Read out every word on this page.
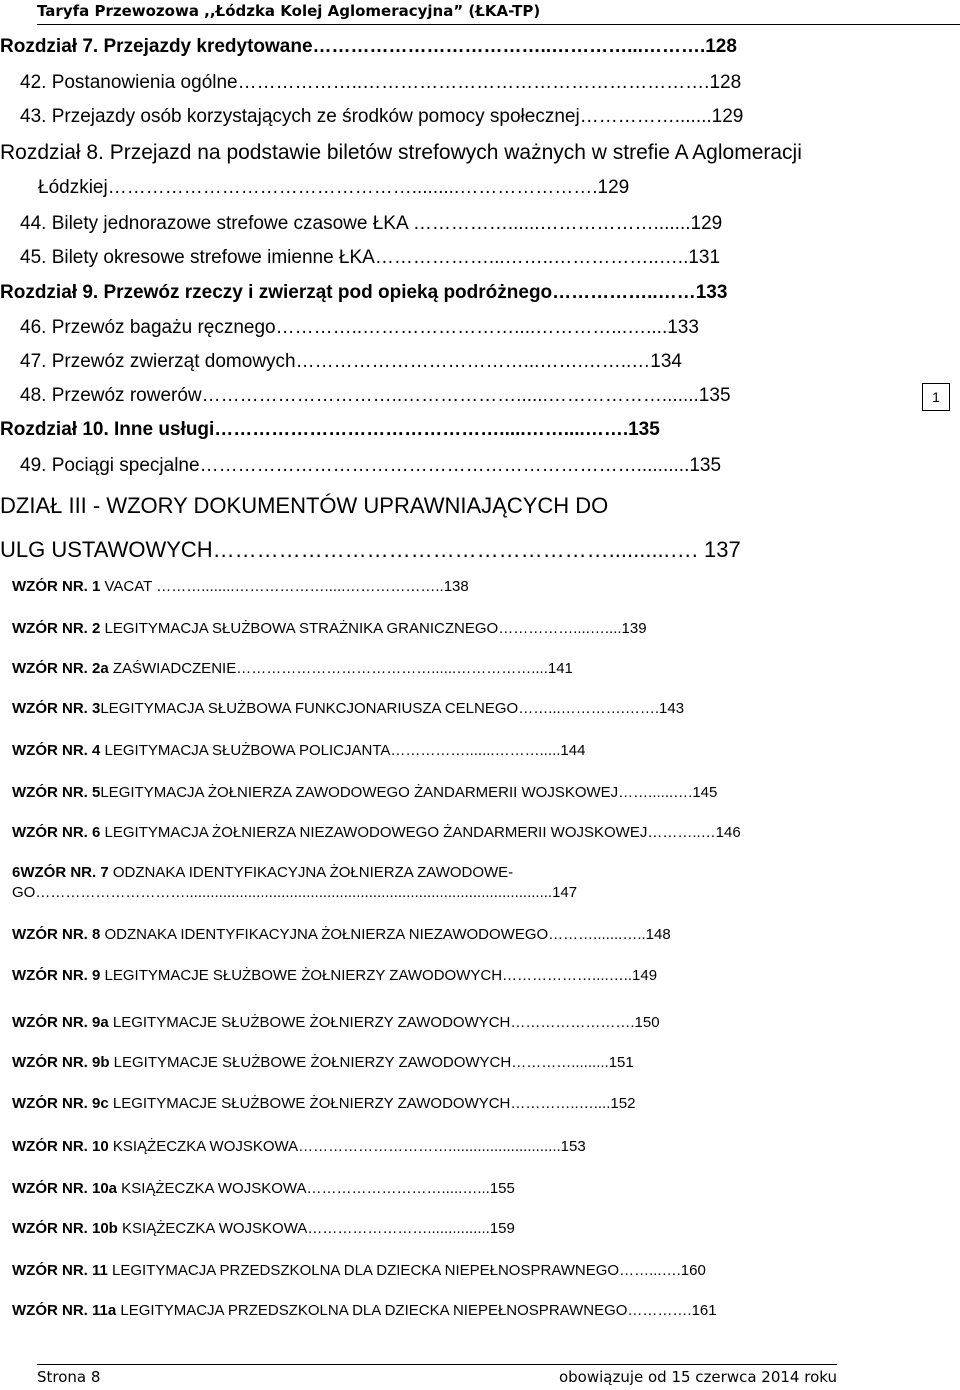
Taryfa Przewozowa ,,Łódzka Kolej Aglomeracyjna” (ŁKA-TP)
Rozdział 7. Przejazdy kredytowane………………………………..…………...……….128
42. Postanowienia ogólne………………..……………………………………………….128
43. Przejazdy osób korzystających ze środków pomocy społecznej…………….......129
Rozdział 8. Przejazd na podstawie biletów strefowych ważnych w strefie A Aglomeracji
Łódzkiej………………………………………….........………………….129
44. Bilety jednorazowe strefowe czasowe ŁKA ……………......……………….......129
45. Bilety okresowe strefowe imienne ŁKA………………...……..……………..…..131
Rozdział 9. Przewóz rzeczy i zwierząt pod opieką podróżnego……………..……133
46. Przewóz bagażu ręcznego…………..……………………....…………...…....133
47. Przewóz zwierząt domowych………………………………...…….……..…134
48. Przewóz rowerów…………………………..………………......……………….......135
Rozdział 10. Inne usługi……………………………………….....……....…….135
49. Pociągi specjalne……………………………………………………………..........135
DZIAŁ III - WZORY DOKUMENTÓW UPRAWNIAJĄCYCH DO
ULG USTAWOWYCH………………………………………………..........…. 137
WZÓR NR. 1 VACAT ………........……………….....………………..138
WZÓR NR. 2 LEGITYMACJA SŁUŻBOWA STRAŻNIKA GRANICZNEGO……………....…....139
WZÓR NR. 2a ZAŚWIADCZENIE…………………………………......……………....141
WZÓR NR. 3LEGITYMACJA SŁUŻBOWA FUNKCJONARIUSZA CELNEGO……...………….…….143
WZÓR NR. 4 LEGITYMACJA SŁUŻBOWA POLICJANTA…………….......……….....144
WZÓR NR. 5LEGITYMACJA ŻOŁNIERZA ZAWODOWEGO ŻANDARMERII WOJSKOWEJ……......….145
WZÓR NR. 6 LEGITYMACJA ŻOŁNIERZA NIEZAWODOWEGO ŻANDARMERII WOJSKOWEJ………..…146
6WZÓR NR. 7 ODZNAKA IDENTYFIKACYJNA ŻOŁNIERZA ZAWODOWE-
GO…………………………........................................................................................147
WZÓR NR. 8 ODZNAKA IDENTYFIKACYJNA ŻOŁNIERZA NIEZAWODOWEGO……….......…..148
WZÓR NR. 9 LEGITYMACJE SŁUŻBOWE ŻOŁNIERZY ZAWODOWYCH………………....…..149
WZÓR NR. 9a LEGITYMACJE SŁUŻBOWE ŻOŁNIERZY ZAWODOWYCH…………………….150
WZÓR NR. 9b LEGITYMACJE SŁUŻBOWE ŻOŁNIERZY ZAWODOWYCH………….........151
WZÓR NR. 9c LEGITYMACJE SŁUŻBOWE ŻOŁNIERZY ZAWODOWYCH…………..…....152
WZÓR NR. 10 KSIĄŻECZKA WOJSKOWA…………………………...........................153
WZÓR NR. 10a KSIĄŻECZKA WOJSKOWA……………………….....…...155
WZÓR NR. 10b KSIĄŻECZKA WOJSKOWA……………………...............159
WZÓR NR. 11 LEGITYMACJA PRZEDSZKOLNA DLA DZIECKA NIEPEŁNOSPRAWNEGO……...….160
WZÓR NR. 11a LEGITYMACJA PRZEDSZKOLNA DLA DZIECKA NIEPEŁNOSPRAWNEGO………….161
1
Strona 8	obowiązuje od 15 czerwca 2014 roku
